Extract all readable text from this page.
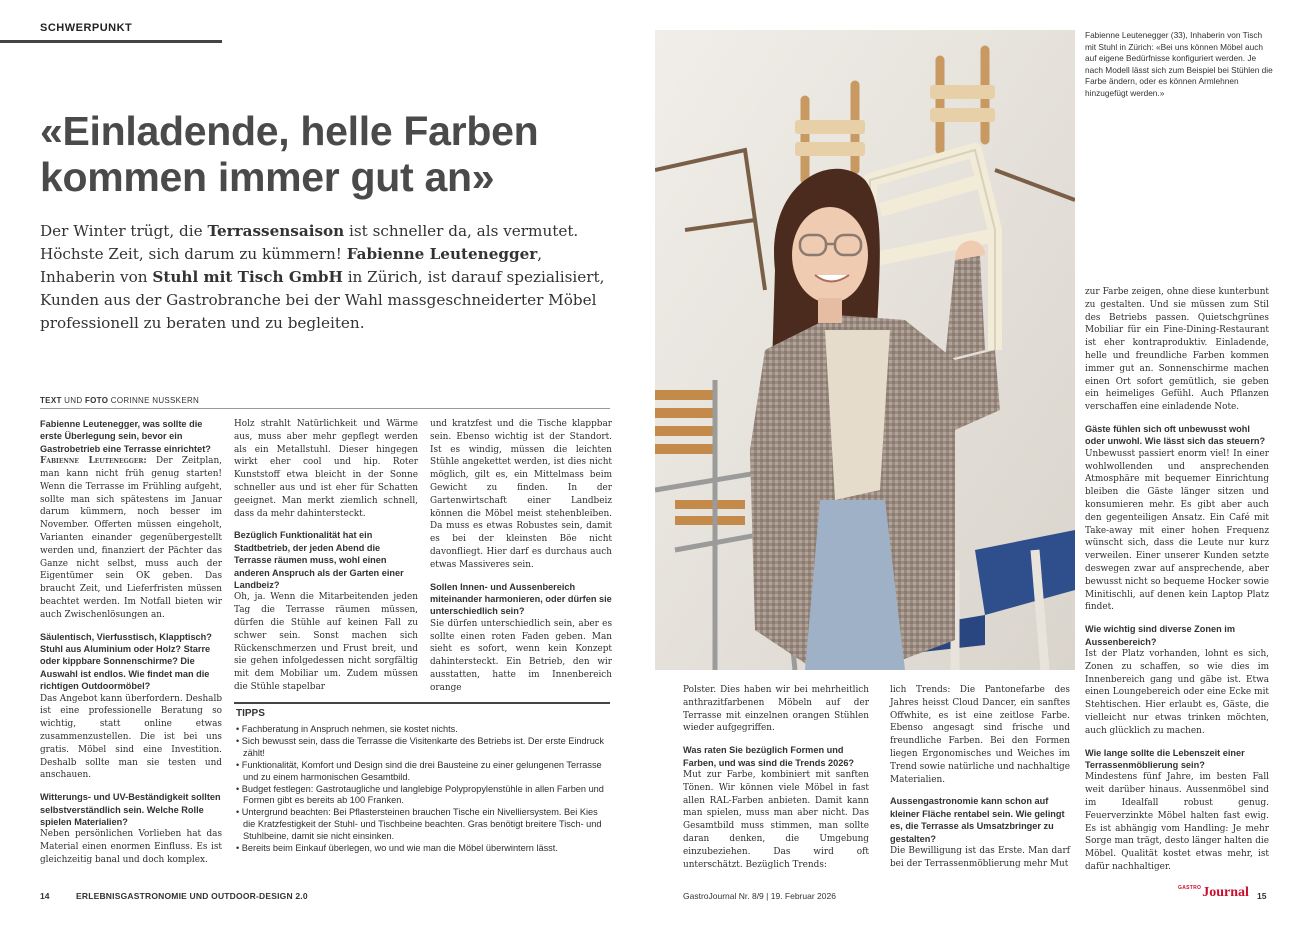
SCHWERPUNKT
«Einladende, helle Farben kommen immer gut an»

Der Winter trügt, die Terrassensaison ist schneller da, als vermutet. Höchste Zeit, sich darum zu kümmern! Fabienne Leutenegger, Inhaberin von Stuhl mit Tisch GmbH in Zürich, ist darauf spezialisiert, Kunden aus der Gastrobranche bei der Wahl massgeschneiderter Möbel professionell zu beraten und zu begleiten.

TEXT UND FOTO CORINNE NUSSKERN

Fabienne Leutenegger, was sollte die erste Überlegung sein, bevor ein Gastrobetrieb eine Terrasse einrichtet?

Fabienne Leutenegger: Der Zeitplan, man kann nicht früh genug starten! Wenn die Terrasse im Frühling aufgeht, sollte man sich spätestens im Januar darum kümmern, noch besser im November. Offerten müssen eingeholt, Varianten einander gegenübergestellt werden und, finanziert der Pächter das Ganze nicht selbst, muss auch der Eigentümer sein OK geben. Das braucht Zeit, und Lieferfristen müssen beachtet werden. Im Notfall bieten wir auch Zwischenlösungen an.

Säulentisch, Vierfusstisch, Klapptisch? Stuhl aus Aluminium oder Holz? Starre oder kippbare Sonnenschirme? Die Auswahl ist endlos. Wie findet man die richtigen Outdoormöbel?

Das Angebot kann überfordern. Deshalb ist eine professionelle Beratung so wichtig, statt online etwas zusammenzustellen. Die ist bei uns gratis. Möbel sind eine Investition. Deshalb sollte man sie testen und anschauen.

Witterungs- und UV-Beständigkeit sollten selbstverständlich sein. Welche Rolle spielen Materialien?

Neben persönlichen Vorlieben hat das Material einen enormen Einfluss. Es ist gleichzeitig banal und doch komplex.

Holz strahlt Natürlichkeit und Wärme aus, muss aber mehr gepflegt werden als ein Metallstuhl. Dieser hingegen wirkt eher cool und hip. Roter Kunststoff etwa bleicht in der Sonne schneller aus und ist eher für Schatten geeignet. Man merkt ziemlich schnell, dass da mehr dahintersteckt.

Bezüglich Funktionalität hat ein Stadtbetrieb, der jeden Abend die Terrasse räumen muss, wohl einen anderen Anspruch als der Garten einer Landbeiz?

Oh, ja. Wenn die Mitarbeitenden jeden Tag die Terrasse räumen müssen, dürfen die Stühle auf keinen Fall zu schwer sein. Sonst machen sich Rückenschmerzen und Frust breit, und sie gehen infolgedessen nicht sorgfältig mit dem Mobiliar um. Zudem müssen die Stühle stapelbar

und kratzfest und die Tische klappbar sein. Ebenso wichtig ist der Standort. Ist es windig, müssen die leichten Stühle angekettet werden, ist dies nicht möglich, gilt es, ein Mittelmass beim Gewicht zu finden. In der Gartenwirtschaft einer Landbeiz können die Möbel meist stehenbleiben. Da muss es etwas Robustes sein, damit es bei der kleinsten Böe nicht davonfliegt. Hier darf es durchaus auch etwas Massiveres sein.

Sollen Innen- und Aussenbereich miteinander harmonieren, oder dürfen sie unterschiedlich sein?

Sie dürfen unterschiedlich sein, aber es sollte einen roten Faden geben. Man sieht es sofort, wenn kein Konzept dahintersteckt. Ein Betrieb, den wir ausstatten, hatte im Innenbereich orange

TIPPS
• Fachberatung in Anspruch nehmen, sie kostet nichts.
• Sich bewusst sein, dass die Terrasse die Visitenkarte des Betriebs ist. Der erste Eindruck zählt!
• Funktionalität, Komfort und Design sind die drei Bausteine zu einer gelungenen Terrasse und zu einem harmonischen Gesamtbild.
• Budget festlegen: Gastrotaugliche und langlebige Polypropylenstühle in allen Farben und Formen gibt es bereits ab 100 Franken.
• Untergrund beachten: Bei Pflastersteinen brauchen Tische ein Nivelliersystem. Bei Kies die Kratzfestigkeit der Stuhl- und Tischbeine beachten. Gras benötigt breitere Tisch- und Stuhlbeine, damit sie nicht einsinken.
• Bereits beim Einkauf überlegen, wo und wie man die Möbel überwintern lässt.

Fabienne Leutenegger (33), Inhaberin von Tisch mit Stuhl in Zürich: «Bei uns können Möbel auch auf eigene Bedürfnisse konfiguriert werden. Je nach Modell lässt sich zum Beispiel bei Stühlen die Farbe ändern, oder es können Armlehnen hinzugefügt werden.»

zur Farbe zeigen, ohne diese kunterbunt zu gestalten. Und sie müssen zum Stil des Betriebs passen. Quietschgrünes Mobiliar für ein Fine-Dining-Restaurant ist eher kontraproduktiv. Einladende, helle und freundliche Farben kommen immer gut an. Sonnenschirme machen einen Ort sofort gemütlich, sie geben ein heimeliges Gefühl. Auch Pflanzen verschaffen eine einladende Note.

Gäste fühlen sich oft unbewusst wohl oder unwohl. Wie lässt sich das steuern?

Unbewusst passiert enorm viel! In einer wohlwollenden und ansprechenden Atmosphäre mit bequemer Einrichtung bleiben die Gäste länger sitzen und konsumieren mehr. Es gibt aber auch den gegenteiligen Ansatz. Ein Café mit Take-away mit einer hohen Frequenz wünscht sich, dass die Leute nur kurz verweilen. Einer unserer Kunden setzte deswegen zwar auf ansprechende, aber bewusst nicht so bequeme Hocker sowie Minitischli, auf denen kein Laptop Platz findet.

Wie wichtig sind diverse Zonen im Aussenbereich?

Ist der Platz vorhanden, lohnt es sich, Zonen zu schaffen, so wie dies im Innenbereich gang und gäbe ist. Etwa einen Loungebereich oder eine Ecke mit Stehtischen. Hier erlaubt es, Gäste, die vielleicht nur etwas trinken möchten, auch glücklich zu machen.

Wie lange sollte die Lebenszeit einer Terrassenmöblierung sein?

Mindestens fünf Jahre, im besten Fall weit darüber hinaus. Aussenmöbel sind im Idealfall robust genug. Feuerverzinkte Möbel halten fast ewig. Es ist abhängig vom Handling: Je mehr Sorge man trägt, desto länger halten die Möbel. Qualität kostet etwas mehr, ist dafür nachhaltiger.

Polster. Dies haben wir bei mehrheitlich anthrazitfarbenen Möbeln auf der Terrasse mit einzelnen orangen Stühlen wieder aufgegriffen.

Was raten Sie bezüglich Formen und Farben, und was sind die Trends 2026?

Mut zur Farbe, kombiniert mit sanften Tönen. Wir können viele Möbel in fast allen RAL-Farben anbieten. Damit kann man spielen, muss man aber nicht. Das Gesamtbild muss stimmen, man sollte daran denken, die Umgebung einzubeziehen. Das wird oft unterschätzt. Bezüglich Trends:

lich Trends: Die Pantonefarbe des Jahres heisst Cloud Dancer, ein sanftes Offwhite, es ist eine zeitlose Farbe. Ebenso angesagt sind frische und freundliche Farben. Bei den Formen liegen Ergonomisches und Weiches im Trend sowie natürliche und nachhaltige Materialien.

Aussengastronomie kann schon auf kleiner Fläche rentabel sein. Wie gelingt es, die Terrasse als Umsatzbringer zu gestalten?

Die Bewilligung ist das Erste. Man darf bei der Terrassenmöblierung mehr Mut

14	ERLEBNISGASTRONOMIE UND OUTDOOR-DESIGN 2.0	GastroJournal Nr. 8/9 | 19. Februar 2026
$^{GASTRO}$Journal 15
